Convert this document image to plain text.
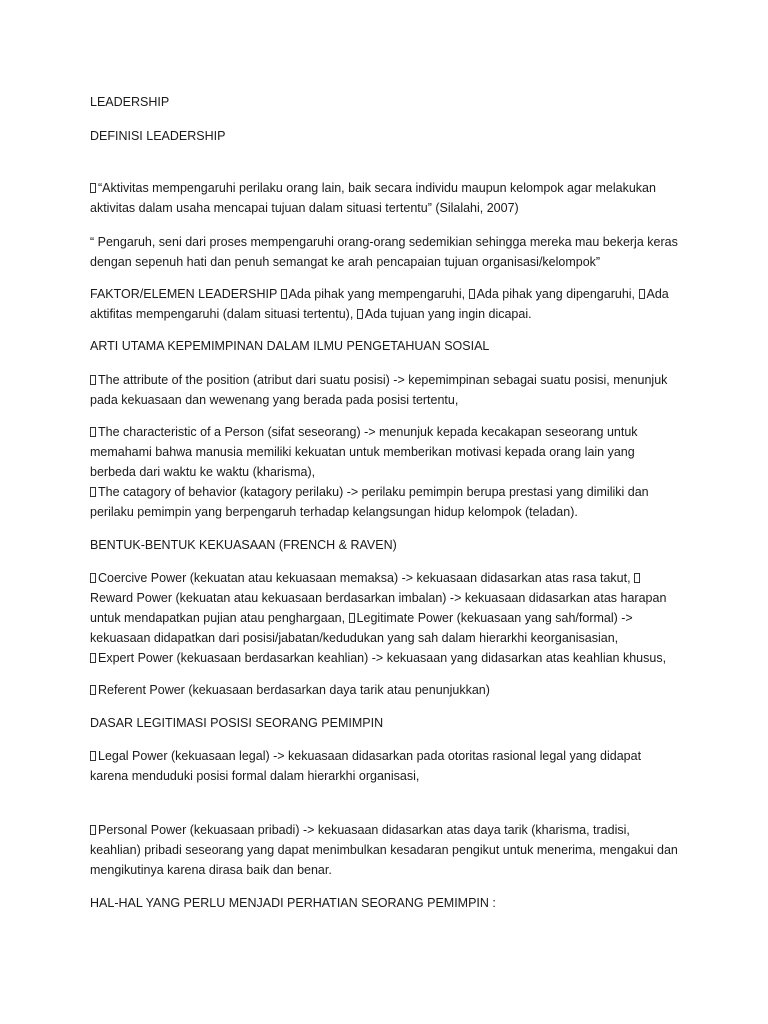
LEADERSHIP

DEFINISI LEADERSHIP

“Aktivitas mempengaruhi perilaku orang lain, baik secara individu maupun kelompok agar melakukan aktivitas dalam usaha mencapai tujuan dalam situasi tertentu” (Silalahi, 2007)

“ Pengaruh, seni dari proses mempengaruhi orang-orang sedemikian sehingga mereka mau bekerja keras dengan sepenuh hati dan penuh semangat ke arah pencapaian tujuan organisasi/kelompok”

FAKTOR/ELEMEN LEADERSHIP Ada pihak yang mempengaruhi, Ada pihak yang dipengaruhi, Ada aktifitas mempengaruhi (dalam situasi tertentu), Ada tujuan yang ingin dicapai.

ARTI UTAMA KEPEMIMPINAN DALAM ILMU PENGETAHUAN SOSIAL

The attribute of the position (atribut dari suatu posisi) -> kepemimpinan sebagai suatu posisi, menunjuk pada kekuasaan dan wewenang yang berada pada posisi tertentu,

The characteristic of a Person (sifat seseorang) -> menunjuk kepada kecakapan seseorang untuk memahami bahwa manusia memiliki kekuatan untuk memberikan motivasi kepada orang lain yang berbeda dari waktu ke waktu (kharisma),
The catagory of behavior (katagory perilaku) -> perilaku pemimpin berupa prestasi yang dimiliki dan perilaku pemimpin yang berpengaruh terhadap kelangsungan hidup kelompok (teladan).

BENTUK-BENTUK KEKUASAAN (FRENCH & RAVEN)

Coercive Power (kekuatan atau kekuasaan memaksa) -> kekuasaan didasarkan atas rasa takut, Reward Power (kekuatan atau kekuasaan berdasarkan imbalan) -> kekuasaan didasarkan atas harapan untuk mendapatkan pujian atau penghargaan, Legitimate Power (kekuasaan yang sah/formal) -> kekuasaan didapatkan dari posisi/jabatan/kedudukan yang sah dalam hierarkhi keorganisasian,
Expert Power (kekuasaan berdasarkan keahlian) -> kekuasaan yang didasarkan atas keahlian khusus,

Referent Power (kekuasaan berdasarkan daya tarik atau penunjukkan)

DASAR LEGITIMASI POSISI SEORANG PEMIMPIN

Legal Power (kekuasaan legal) -> kekuasaan didasarkan pada otoritas rasional legal yang didapat karena menduduki posisi formal dalam hierarkhi organisasi,

Personal Power (kekuasaan pribadi) -> kekuasaan didasarkan atas daya tarik (kharisma, tradisi, keahlian) pribadi seseorang yang dapat menimbulkan kesadaran pengikut untuk menerima, mengakui dan mengikutinya karena dirasa baik dan benar.

HAL-HAL YANG PERLU MENJADI PERHATIAN SEORANG PEMIMPIN :
